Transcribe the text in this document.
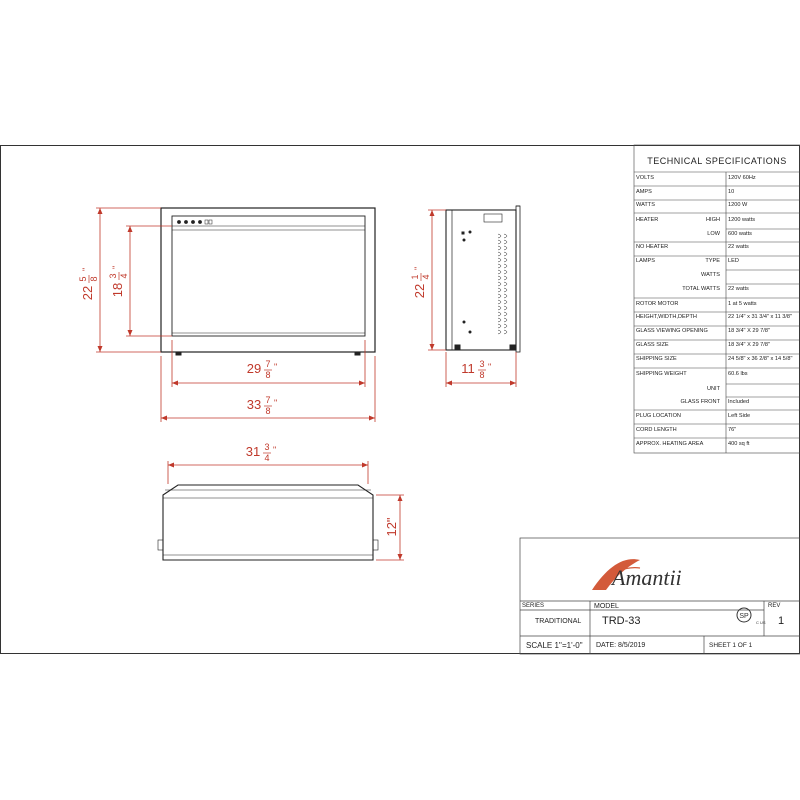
22
5 8
"
18
3 4
"
29 7
8
"
33 7
8
"
22
1 4
"
11 3
8
"
31 3
4
"
12"
Amantii
SP
C US
TECHNICAL SPECIFICATIONS
VOLTS	120V 60Hz
AMPS	10
WATTS	1200 W
HEATER	HIGH 1200 watts
LOW 600 watts
NO HEATER	22 watts
LAMPS	TYPE LED
WATTS
TOTAL WATTS 22 watts
ROTOR MOTOR	1 at 5 watts
HEIGHT,WIDTH,DEPTH	22 1/4" x 31 3/4" x 11 3/8"
GLASS VIEWING OPENING	18 3/4" X 29 7/8"
GLASS SIZE	18 3/4" X 29 7/8"
SHIPPING SIZE	24 5/8" x 36 2/8" x 14 5/8"
SHIPPING WEIGHT	60.6 lbs
UNIT
GLASS FRONT Included
PLUG LOCATION	Left Side
CORD LENGTH	76"
APPROX. HEATING AREA	400 sq ft
SERIES
TRADITIONAL
MODEL
TRD-33
REV
1
SCALE 1''=1'-0" DATE: 8/5/2019	SHEET 1 OF 1
